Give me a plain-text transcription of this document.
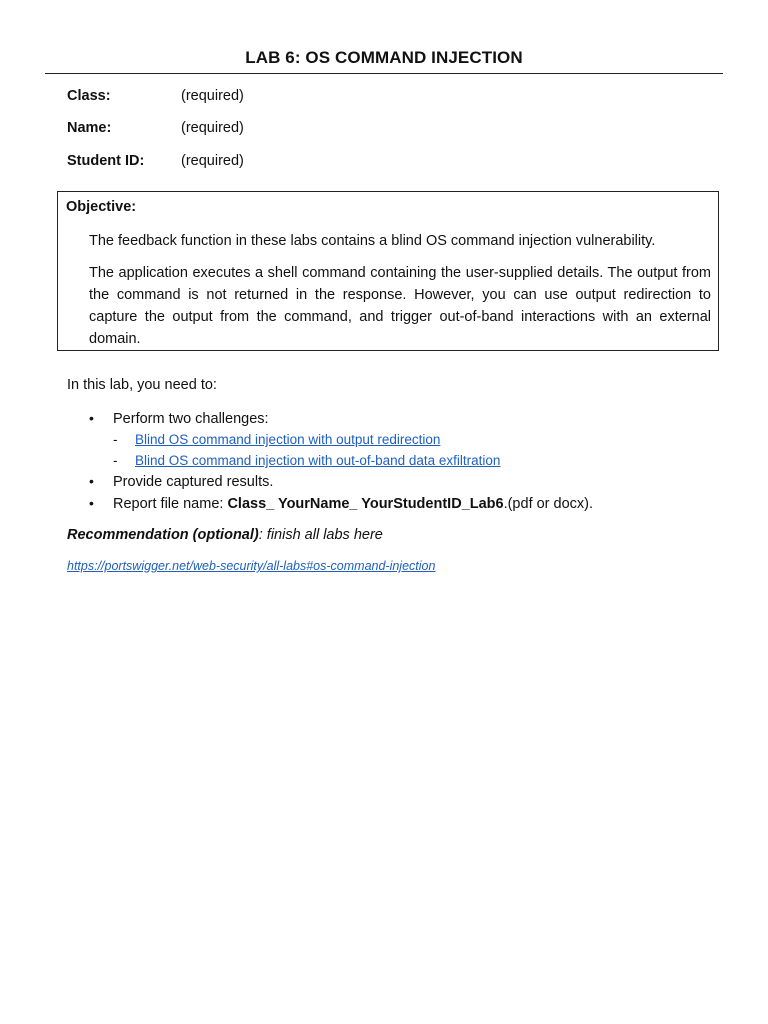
LAB 6: OS COMMAND INJECTION
Class:	(required)
Name:	(required)
Student ID:	(required)
Objective:
The feedback function in these labs contains a blind OS command injection vulnerability.
The application executes a shell command containing the user-supplied details. The output from the command is not returned in the response. However, you can use output redirection to capture the output from the command, and trigger out-of-band interactions with an external domain.
In this lab, you need to:
•	Perform two challenges:
-	Blind OS command injection with output redirection
-	Blind OS command injection with out-of-band data exfiltration
•	Provide captured results.
•	Report file name: Class_ YourName_ YourStudentID_Lab6.(pdf or docx).
Recommendation (optional): finish all labs here
https://portswigger.net/web-security/all-labs#os-command-injection
